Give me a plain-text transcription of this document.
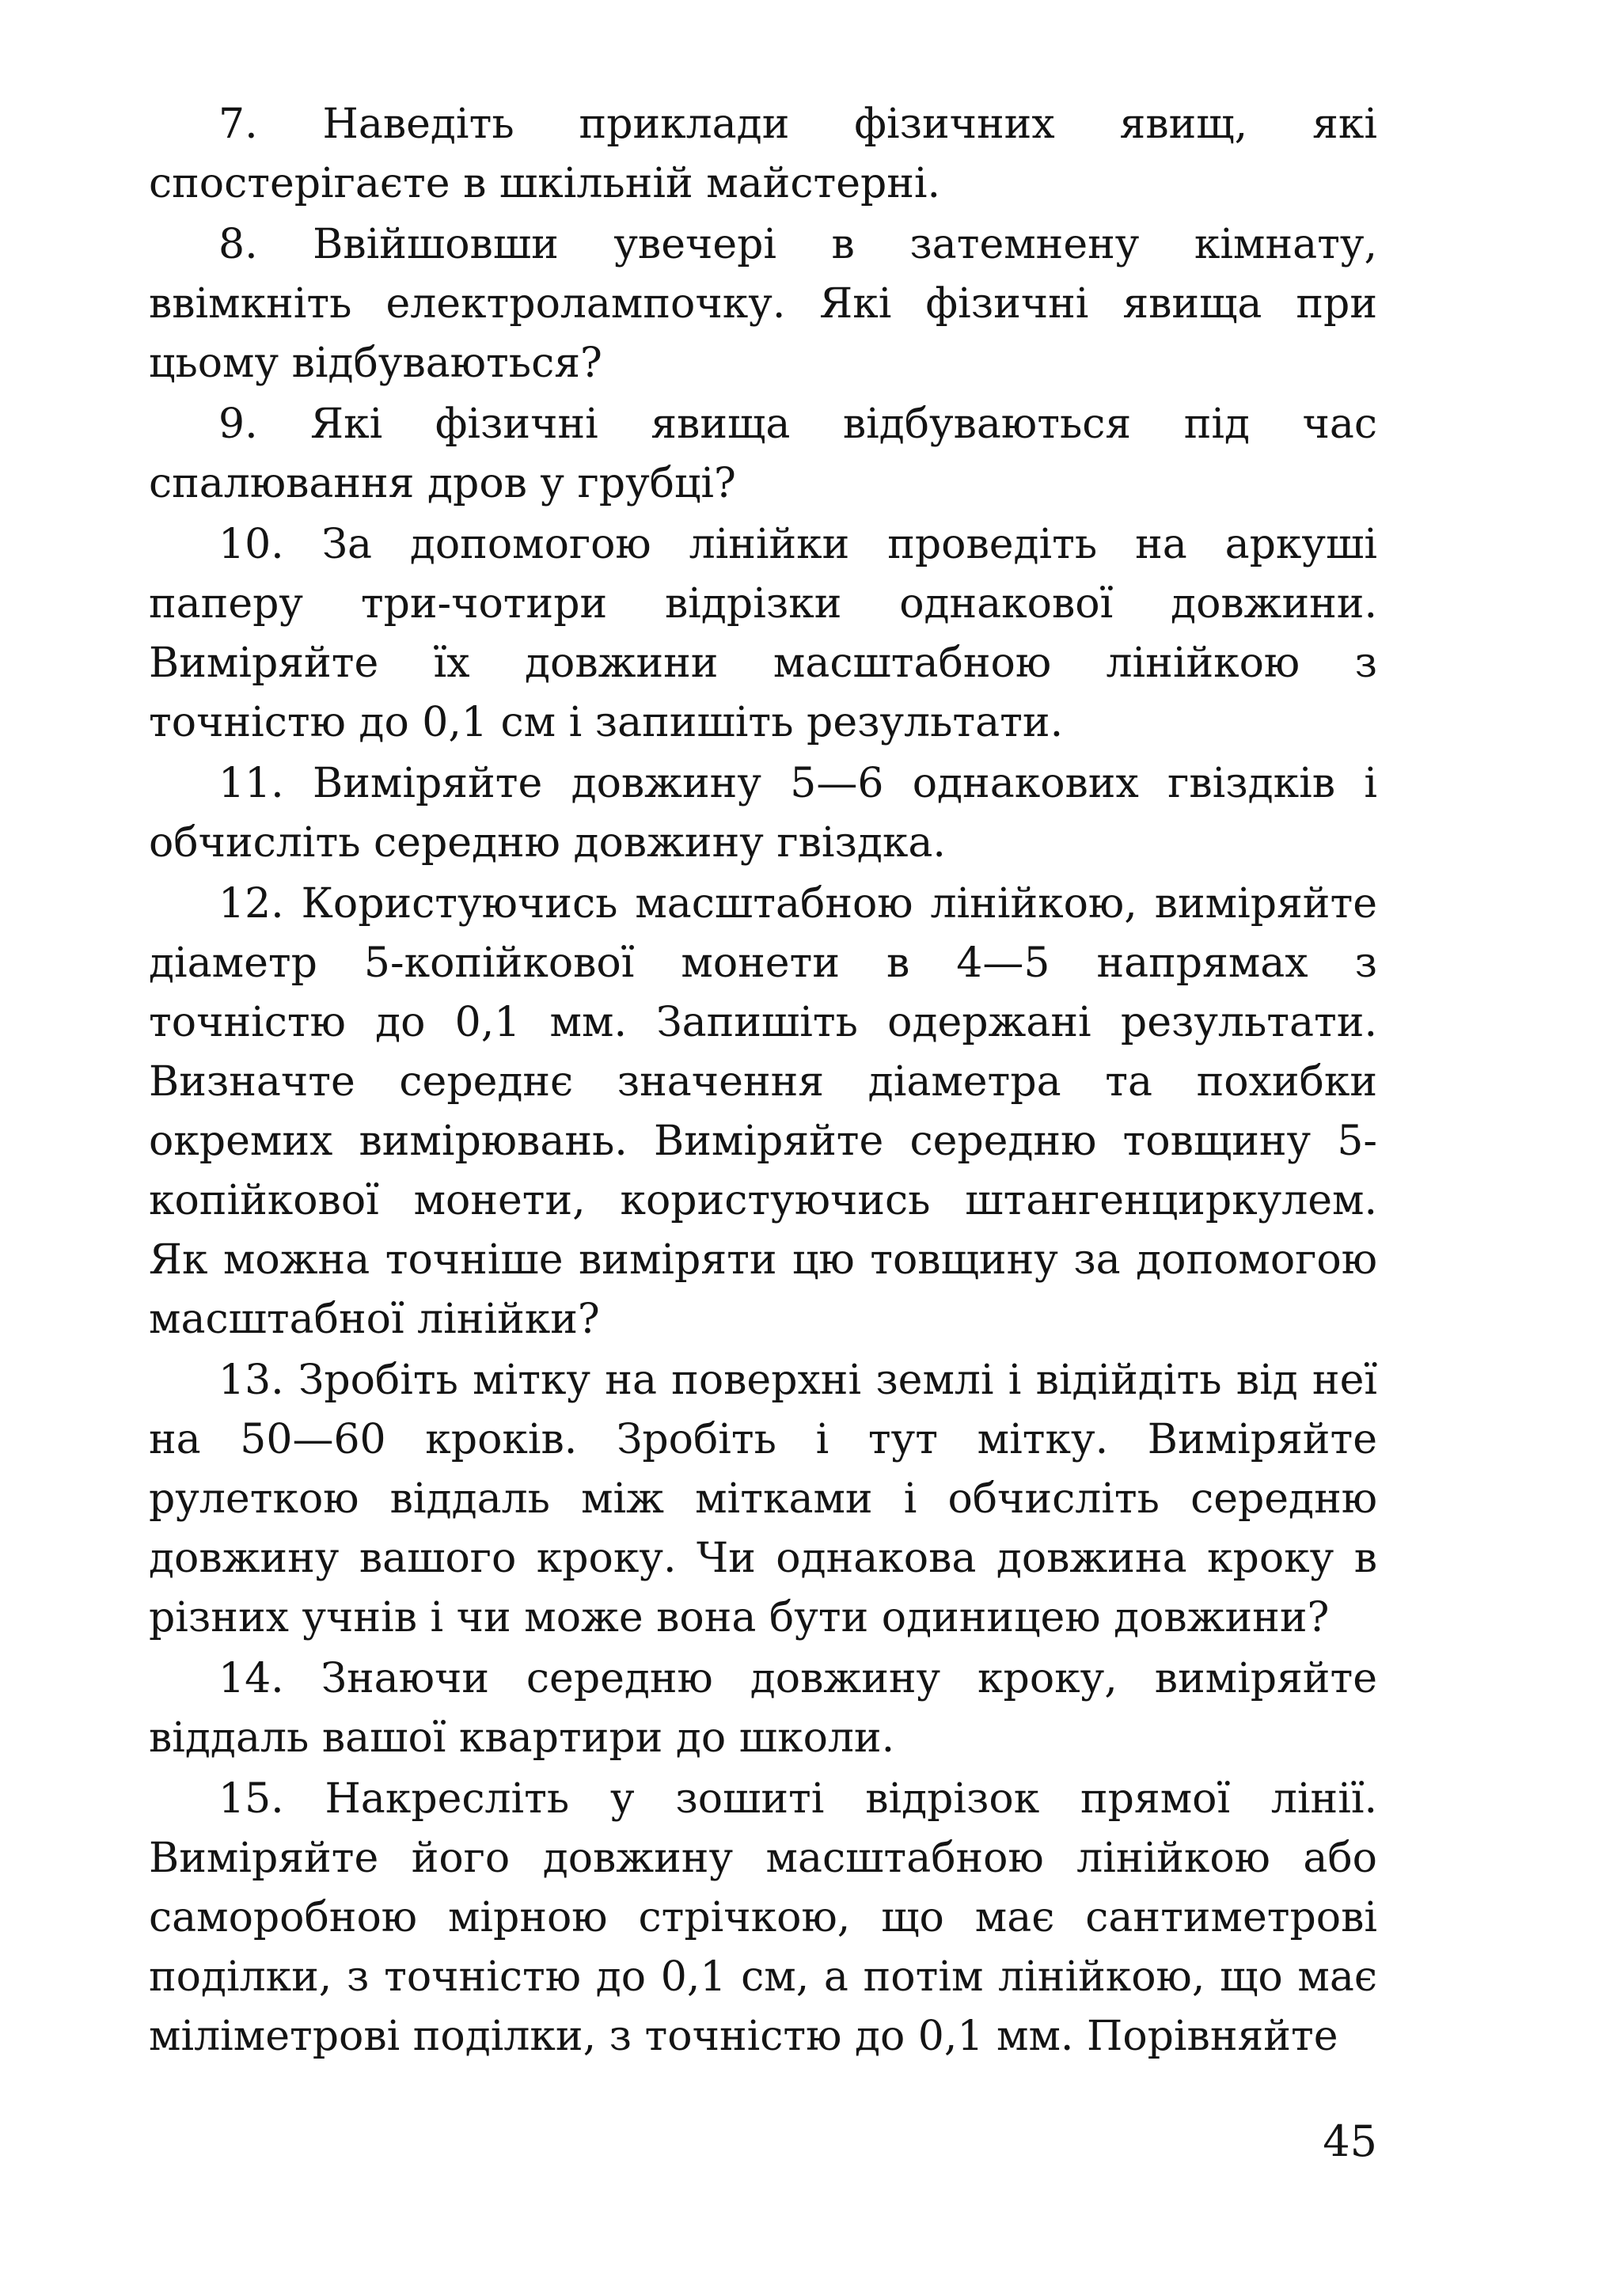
7. Наведіть приклади фізичних явищ, які спостерігаєте в шкільній майстерні.

8. Ввійшовши увечері в затемнену кімнату, ввімкніть електролампочку. Які фізичні явища при цьому відбуваються?

9. Які фізичні явища відбуваються під час спалювання дров у грубці?

10. За допомогою лінійки проведіть на аркуші паперу три-чотири відрізки однакової довжини. Виміряйте їх довжини масштабною лінійкою з точністю до 0,1 см і запишіть результати.

11. Виміряйте довжину 5—6 однакових гвіздків і обчисліть середню довжину гвіздка.

12. Користуючись масштабною лінійкою, виміряйте діаметр 5-копійкової монети в 4—5 напрямах з точністю до 0,1 мм. Запишіть одержані результати. Визначте середнє значення діаметра та похибки окремих вимірювань. Виміряйте середню товщину 5-копійкової монети, користуючись штангенциркулем. Як можна точніше виміряти цю товщину за допомогою масштабної лінійки?

13. Зробіть мітку на поверхні землі і відійдіть від неї на 50—60 кроків. Зробіть і тут мітку. Виміряйте рулеткою віддаль між мітками і обчисліть середню довжину вашого кроку. Чи однакова довжина кроку в різних учнів і чи може вона бути одиницею довжини?

14. Знаючи середню довжину кроку, виміряйте віддаль вашої квартири до школи.

15. Накресліть у зошиті відрізок прямої лінії. Виміряйте його довжину масштабною лінійкою або саморобною мірною стрічкою, що має сантиметрові поділки, з точністю до 0,1 см, а потім лінійкою, що має міліметрові поділки, з точністю до 0,1 мм. Порівняйте

45
